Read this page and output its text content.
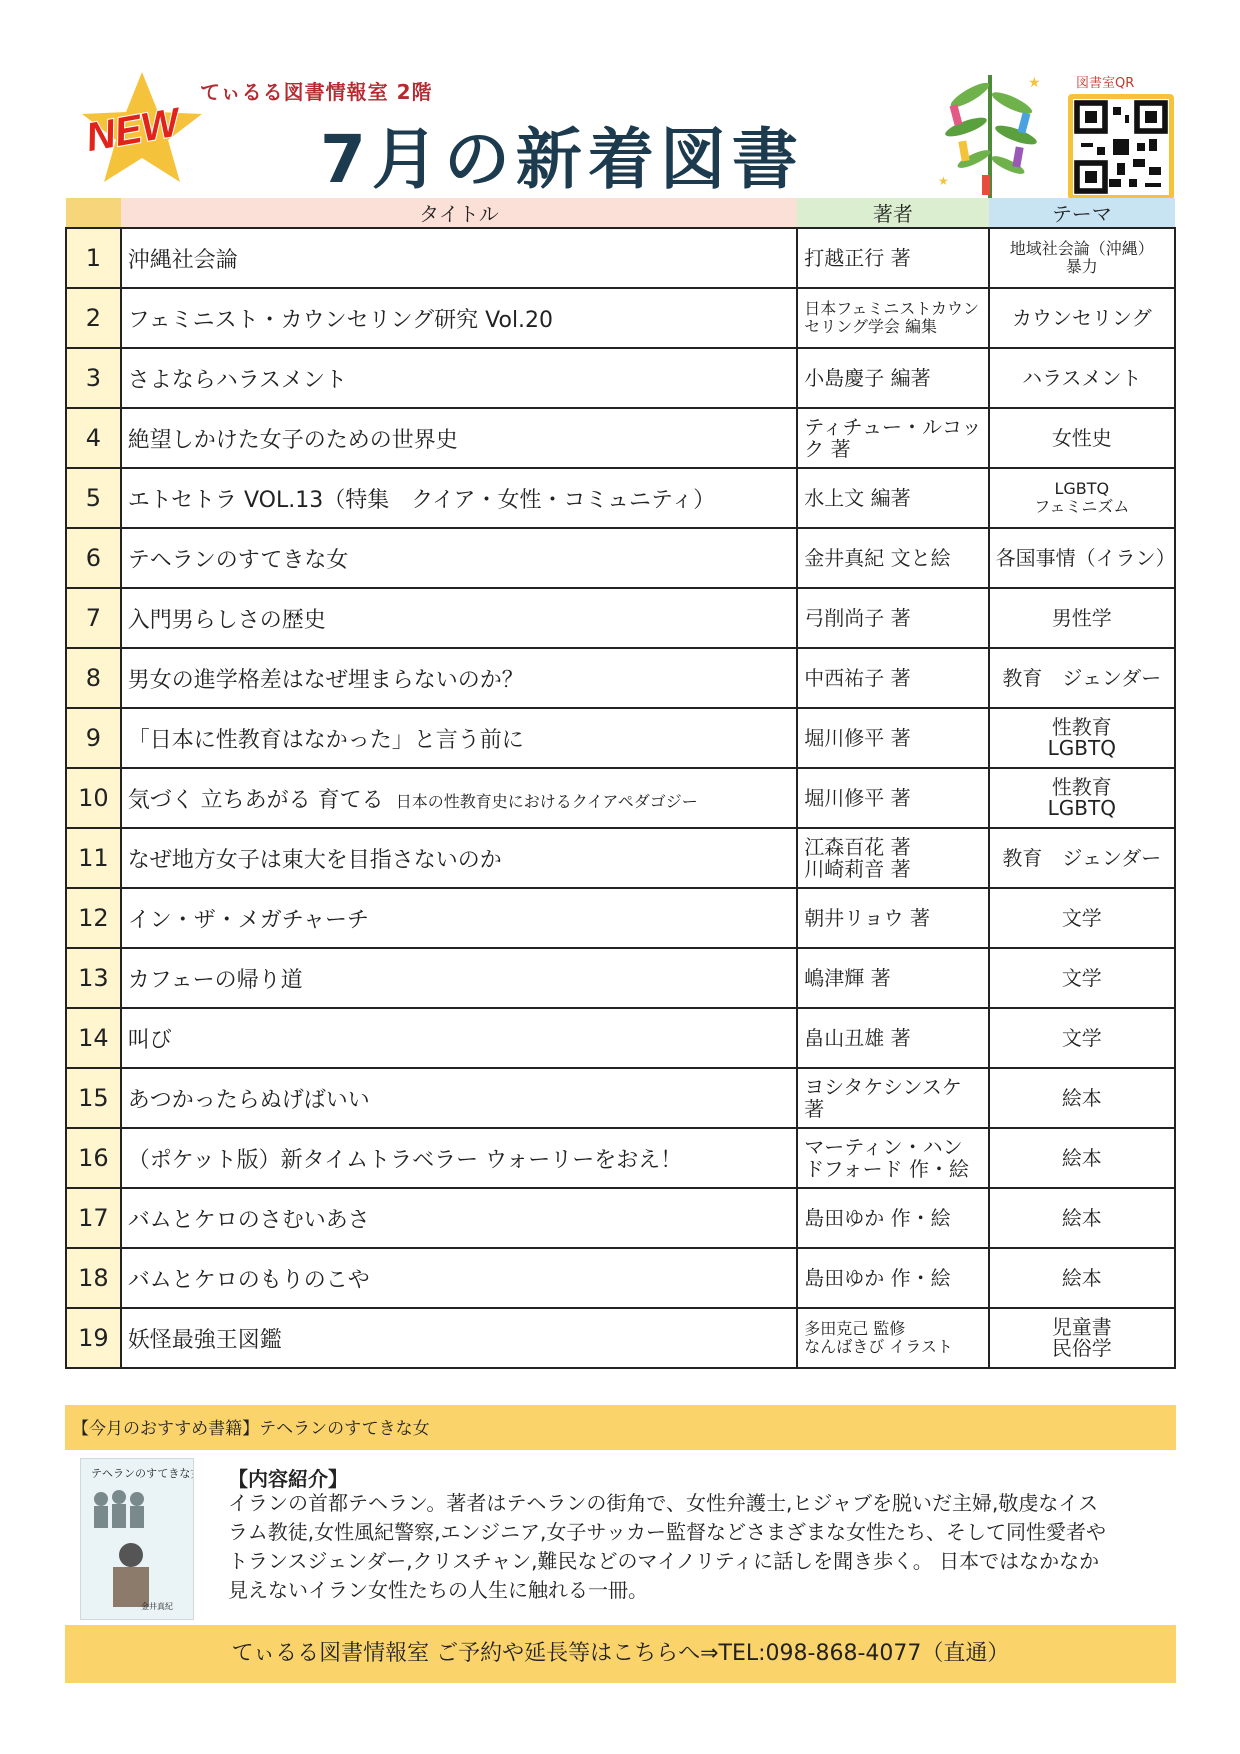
NEW
てぃるる図書情報室 2階
7月の新着図書
★
★
図書室QR
	タイトル	著者	テーマ
1	沖縄社会論	打越正行 著	地域社会論（沖縄）
暴力
2	フェミニスト・カウンセリング研究 Vol.20	日本フェミニストカウンセリング学会 編集	カウンセリング
3	さよならハラスメント	小島慶子 編著	ハラスメント
4	絶望しかけた女子のための世界史	ティチュー・ルコック 著	女性史
5	エトセトラ VOL.13（特集　クイア・女性・コミュニティ）	水上文 編著	LGBTQ
フェミニズム
6	テヘランのすてきな女	金井真紀 文と絵	各国事情（イラン）
7	入門男らしさの歴史	弓削尚子 著	男性学
8	男女の進学格差はなぜ埋まらないのか？	中西祐子 著	教育　ジェンダー
9	「日本に性教育はなかった」と言う前に	堀川修平 著	性教育
LGBTQ
10	気づく 立ちあがる 育てる 日本の性教育史におけるクイアペダゴジー	堀川修平 著	性教育
LGBTQ
11	なぜ地方女子は東大を目指さないのか	江森百花 著
川崎莉音 著	教育　ジェンダー
12	イン・ザ・メガチャーチ	朝井リョウ 著	文学
13	カフェーの帰り道	嶋津輝 著	文学
14	叫び	畠山丑雄 著	文学
15	あつかったらぬげばいい	ヨシタケシンスケ 著	絵本
16	（ポケット版）新タイムトラベラー ウォーリーをおえ！	マーティン・ハンドフォード 作・絵	絵本
17	バムとケロのさむいあさ	島田ゆか 作・絵	絵本
18	バムとケロのもりのこや	島田ゆか 作・絵	絵本
19	妖怪最強王図鑑	多田克己 監修
なんばきび イラスト	児童書
民俗学
【今月のおすすめ書籍】テヘランのすてきな女
テヘランのすてきな女
金井真紀
【内容紹介】
イランの首都テヘラン。著者はテヘランの街角で、女性弁護士,ヒジャブを脱いだ主婦,敬虔なイスラム教徒,女性風紀警察,エンジニア,女子サッカー監督などさまざまな女性たち、そして同性愛者やトランスジェンダー,クリスチャン,難民などのマイノリティに話しを聞き歩く。 日本ではなかなか見えないイラン女性たちの人生に触れる一冊。
てぃるる図書情報室 ご予約や延長等はこちらへ⇒TEL:098-868-4077（直通）
